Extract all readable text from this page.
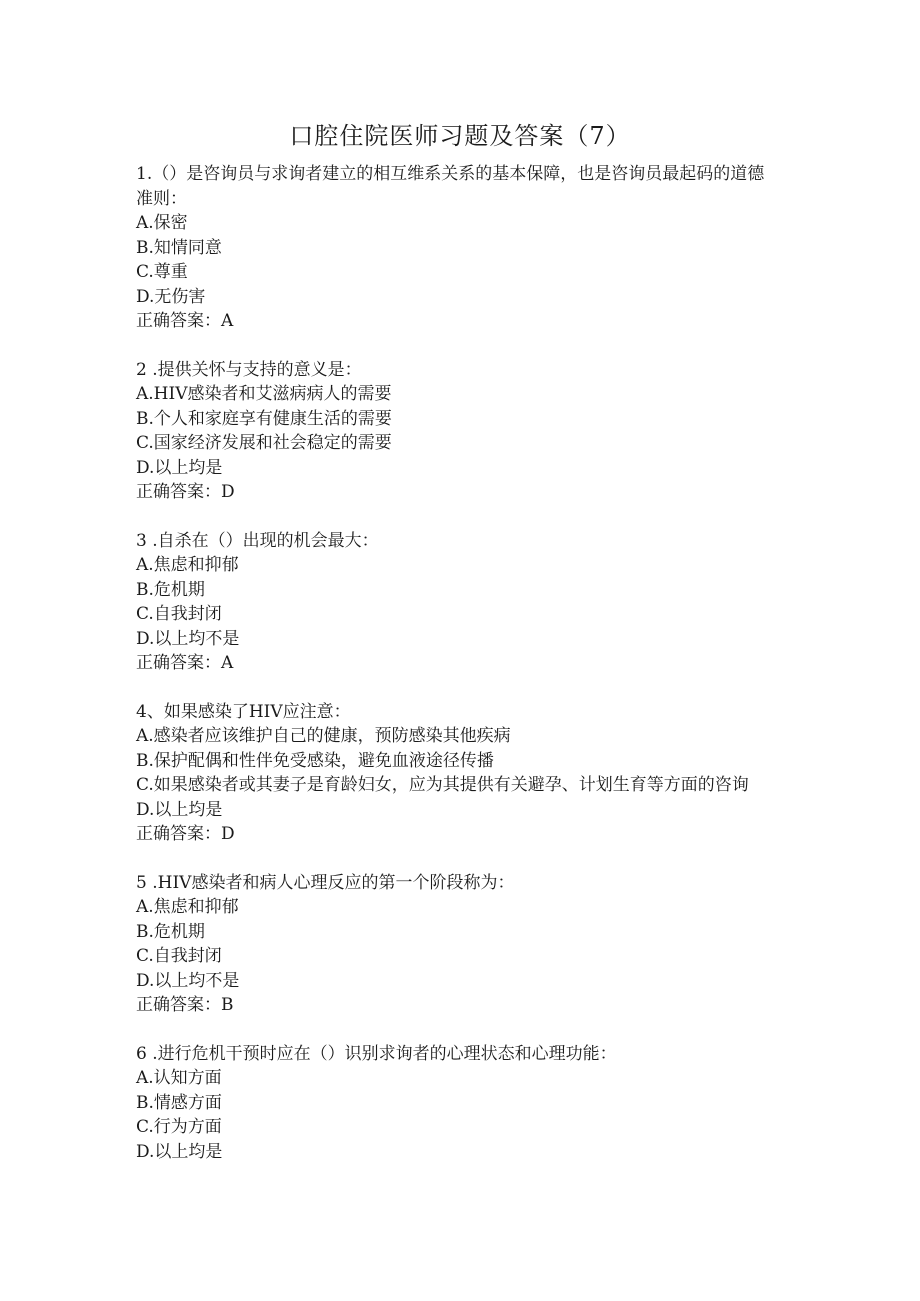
口腔住院医师习题及答案（7）
1.（）是咨询员与求询者建立的相互维系关系的基本保障，也是咨询员最起码的道德准则：
A.保密
B.知情同意
C.尊重
D.无伤害
正确答案：A
2 .提供关怀与支持的意义是：
A.HIV感染者和艾滋病病人的需要
B.个人和家庭享有健康生活的需要
C.国家经济发展和社会稳定的需要
D.以上均是
正确答案：D
3 .自杀在（）出现的机会最大：
A.焦虑和抑郁
B.危机期
C.自我封闭
D.以上均不是
正确答案：A
4、如果感染了HIV应注意：
A.感染者应该维护自己的健康，预防感染其他疾病
B.保护配偶和性伴免受感染，避免血液途径传播
C.如果感染者或其妻子是育龄妇女，应为其提供有关避孕、计划生育等方面的咨询
D.以上均是
正确答案：D
5 .HIV感染者和病人心理反应的第一个阶段称为：
A.焦虑和抑郁
B.危机期
C.自我封闭
D.以上均不是
正确答案：B
6 .进行危机干预时应在（）识别求询者的心理状态和心理功能：
A.认知方面
B.情感方面
C.行为方面
D.以上均是
